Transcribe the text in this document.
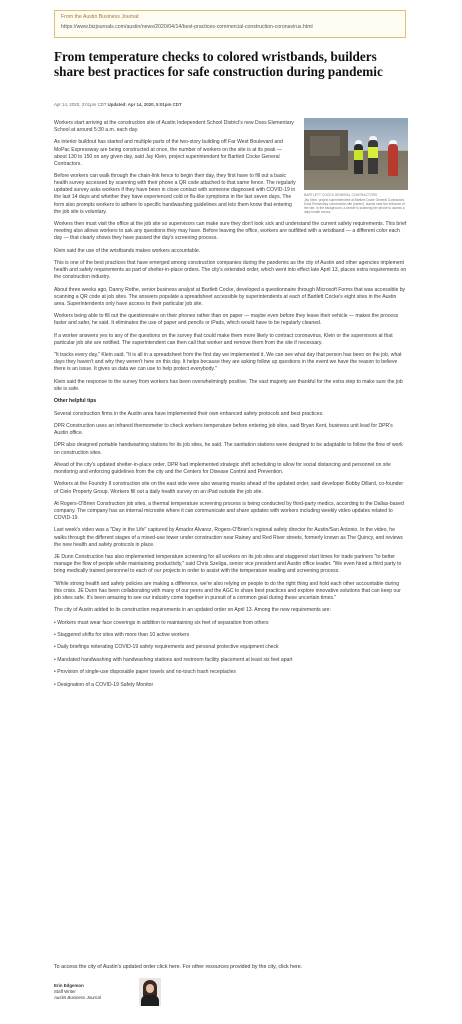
From the Austin Business Journal:
https://www.bizjournals.com/austin/news/2020/04/14/best-practices-commercial-construction-coronavirus.html
From temperature checks to colored wristbands, builders share best practices for safe construction during pandemic
Apr 14, 2020, 3:01pm CDT Updated: Apr 14, 2020, 5:01pm CDT
BARTLETT COCKS GENERAL CONTRACTORS
Jay Klein, project superintendent at Bartlett Cocke General Contractors Doss Elementary construction site (center), stands near the entrance of the site. In the background, a worker is scanning her phone to access a daily health survey.

Workers start arriving at the construction site of Austin Independent School District's new Doss Elementary School at around 5:30 a.m. each day.

As interior buildout has started and multiple parts of the two-story building off Far West Boulevard and MoPac Expressway are being constructed at once, the number of workers on the site is at its peak — about 130 to 150 on any given day, said Jay Klein, project superintendent for Bartlett Cocke General Contractors.

Before workers can walk through the chain-link fence to begin their day, they first have to fill out a basic health survey accessed by scanning with their phone a QR code attached to that same fence. The regularly updated survey asks workers if they have been in close contact with someone diagnosed with COVID-19 in the last 14 days and whether they have experienced cold or flu-like symptoms in the last seven days. The form also prompts workers to adhere to specific handwashing guidelines and lets them know that entering the job site is voluntary.

Workers then must visit the office at the job site so supervisors can make sure they don't look sick and understand the current safety requirements. This brief meeting also allows workers to ask any questions they may have. Before leaving the office, workers are outfitted with a wristband — a different color each day — that clearly shows they have passed the day's screening process.

Klein said the use of the wristbands makes workers accountable.

This is one of the best practices that have emerged among construction companies during the pandemic as the city of Austin and other agencies implement health and safety requirements as part of shelter-in-place orders. The city's extended order, which went into effect late April 13, places extra requirements on the construction industry.

About three weeks ago, Danny Rothe, senior business analyst at Bartlett Cocke, developed a questionnaire through Microsoft Forms that was accessible by scanning a QR code at job sites. The answers populate a spreadsheet accessible by superintendents at each of Bartlett Cocke's eight sites in the Austin area. Superintendents only have access to their particular job site.

Workers being able to fill out the questionnaire on their phones rather than on paper — maybe even before they leave their vehicle — makes the process faster and safer, he said. It eliminates the use of paper and pencils or iPads, which would have to be regularly cleaned.

If a worker answers yes to any of the questions on the survey that could make them more likely to contract coronavirus, Klein or the supervisors at that particular job site are notified. The superintendent can then call that worker and remove them from the site if necessary.

"It tracks every day," Klein said. "It is all in a spreadsheet from the first day we implemented it. We can see what day that person has been on the job, what days they haven't and why they weren't here on this day. It helps because they are asking follow up questions in the event we have the reason to believe there is an issue. It gives us data we can use to help protect everybody."

Klein said the response to the survey from workers has been overwhelmingly positive. The vast majority are thankful for the extra step to make sure the job site is safe.

Other helpful tips

Several construction firms in the Austin area have implemented their own enhanced safety protocols and best practices.

DPR Construction uses an infrared thermometer to check workers temperature before entering job sites, said Bryan Kent, business unit lead for DPR's Austin office.

DPR also designed portable handwashing stations for its job sites, he said. The sanitation stations were designed to be adaptable to follow the flow of work on construction sites.

Ahead of the city's updated shelter-in-place order, DPR had implemented strategic shift scheduling to allow for social distancing and personnel on site monitoring and enforcing guidelines from the city and the Centers for Disease Control and Prevention.

Workers at the Foundry II construction site on the east side were also wearing masks ahead of the updated order, said developer Bobby Dillard, co-founder of Cielo Property Group. Workers fill out a daily health survey on an iPad outside the job site.

At Rogers-O'Brien Construction job sites, a thermal temperature screening process is being conducted by third-party medics, according to the Dallas-based company. The company has an internal microsite where it can communicate and share updates with workers including weekly video updates related to COVID-19.

Last week's video was a "Day in the Life" captured by Amador Alvarez, Rogers-O'Brien's regional safety director for Austin/San Antonio. In the video, he walks through the different stages of a mixed-use tower under construction near Rainey and Red River streets, formerly known as The Quincy, and reviews the new health and safety protocols in place.

JE Dunn Construction has also implemented temperature screening for all workers on its job sites and staggered start times for trade partners "to better manage the flow of people while maintaining productivity," said Chris Szeliga, senior vice president and Austin office leader. "We even hired a third party to bring medically trained personnel to each of our projects in order to assist with the temperature reading and screening process.

"While strong health and safety policies are making a difference, we're also relying on people to do the right thing and hold each other accountable during this crisis. JE Dunn has been collaborating with many of our peers and the AGC to share best practices and explore innovative solutions that can keep our job sites safe. It's been amazing to see our industry come together in pursuit of a common goal during these uncertain times."

The city of Austin added to its construction requirements in an updated order on April 13. Among the new requirements are:

• Workers must wear face coverings in addition to maintaining six feet of separation from others
• Staggered shifts for sites with more than 10 active workers
• Daily briefings reiterating COVID-19 safety requirements and personal protective equipment check
• Mandated handwashing with handwashing stations and restroom facility placement at least six feet apart
• Provision of single-use disposable paper towels and no-touch trash receptacles
• Designation of a COVID-19 Safety Monitor
To access the city of Austin's updated order click here. For other resources provided by the city, click here.
Erin Edgemon
Staff Writer
Austin Business Journal
